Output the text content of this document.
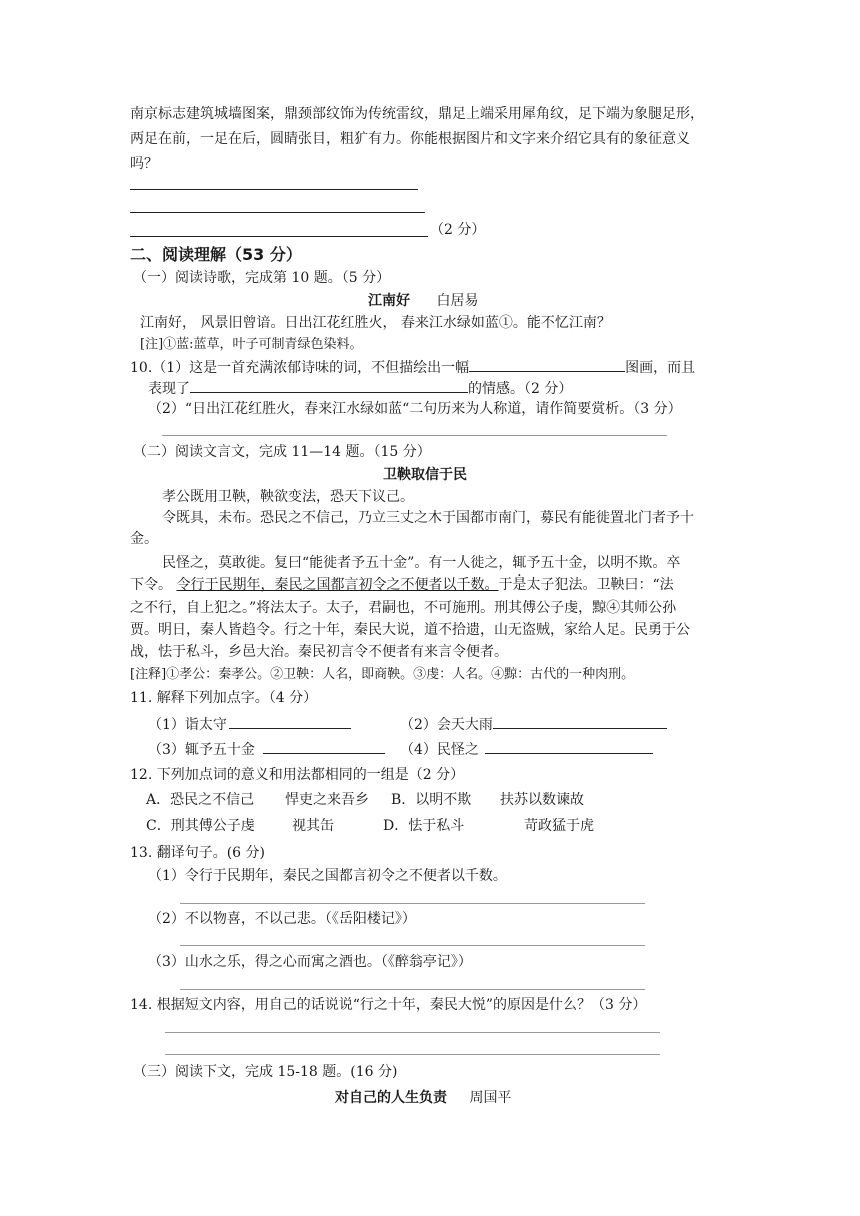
南京标志建筑城墙图案，鼎颈部纹饰为传统雷纹，鼎足上端采用犀角纹，足下端为象腿足形，
两足在前，一足在后，圆睛张目，粗犷有力。你能根据图片和文字来介绍它具有的象征意义
吗？
（2 分）
二、阅读理解（53 分）
（一）阅读诗歌，完成第 10 题。（5 分）
江南好 白居易
江南好， 风景旧曾谙。日出江花红胜火， 春来江水绿如蓝①。能不忆江南？
[注]①蓝:蓝草，叶子可制青绿色染料。
10.（1）这是一首充满浓郁诗味的词，不但描绘出一幅	图画，而且
表现了	的情感。（2 分）
（2）“日出江花红胜火，春来江水绿如蓝“二句历来为人称道，请作简要赏析。（3 分）
（二）阅读文言文，完成 11—14 题。（15 分）
卫鞅取信于民
孝公既用卫鞅，鞅欲变法，恐天下议己。
令既具，未布。恐民之不信己，乃立三丈之木于国都市南门，募民有能徙置北门者予十
金。
民怪之，莫敢徙。复曰“能徙者予五十金”。有一人徙之，辄予五十金，以明不欺。卒
下令。 令行于民期年，秦民之国都言初令之不便者以千数。于是太子犯法。卫鞅曰：“法
之不行，自上犯之。”将法太子。太子，君嗣也，不可施刑。刑其傅公子虔，黥④其师公孙
贾。明日，秦人皆趋令。行之十年，秦民大说，道不拾遗，山无盗贼，家给人足。民勇于公
战，怯于私斗，乡邑大治。秦民初言令不便者有来言令便者。
[注释]①孝公：秦孝公。②卫鞅：人名，即商鞅。③虔：人名。④黥：古代的一种肉刑。
11. 解释下列加点字。（4 分）
（1）诣太守	（2）会天大雨
（3）辄予五十金	（4）民怪之
12. 下列加点词的意义和用法都相同的一组是（2 分）
A．恐民之不信己 悍吏之来吾乡 B．以明不欺 扶苏以数谏故
C．刑其傅公子虔	视其缶	D．怯于私斗	苛政猛于虎
13. 翻译句子。(6 分)
（1）令行于民期年，秦民之国都言初令之不便者以千数。
（2）不以物喜，不以己悲。（《岳阳楼记》）
（3）山水之乐，得之心而寓之酒也。（《醉翁亭记》）
14. 根据短文内容，用自己的话说说“行之十年，秦民大悦”的原因是什么？（3 分）
（三）阅读下文，完成 15-18 题。(16 分)
对自己的人生负责 周国平
